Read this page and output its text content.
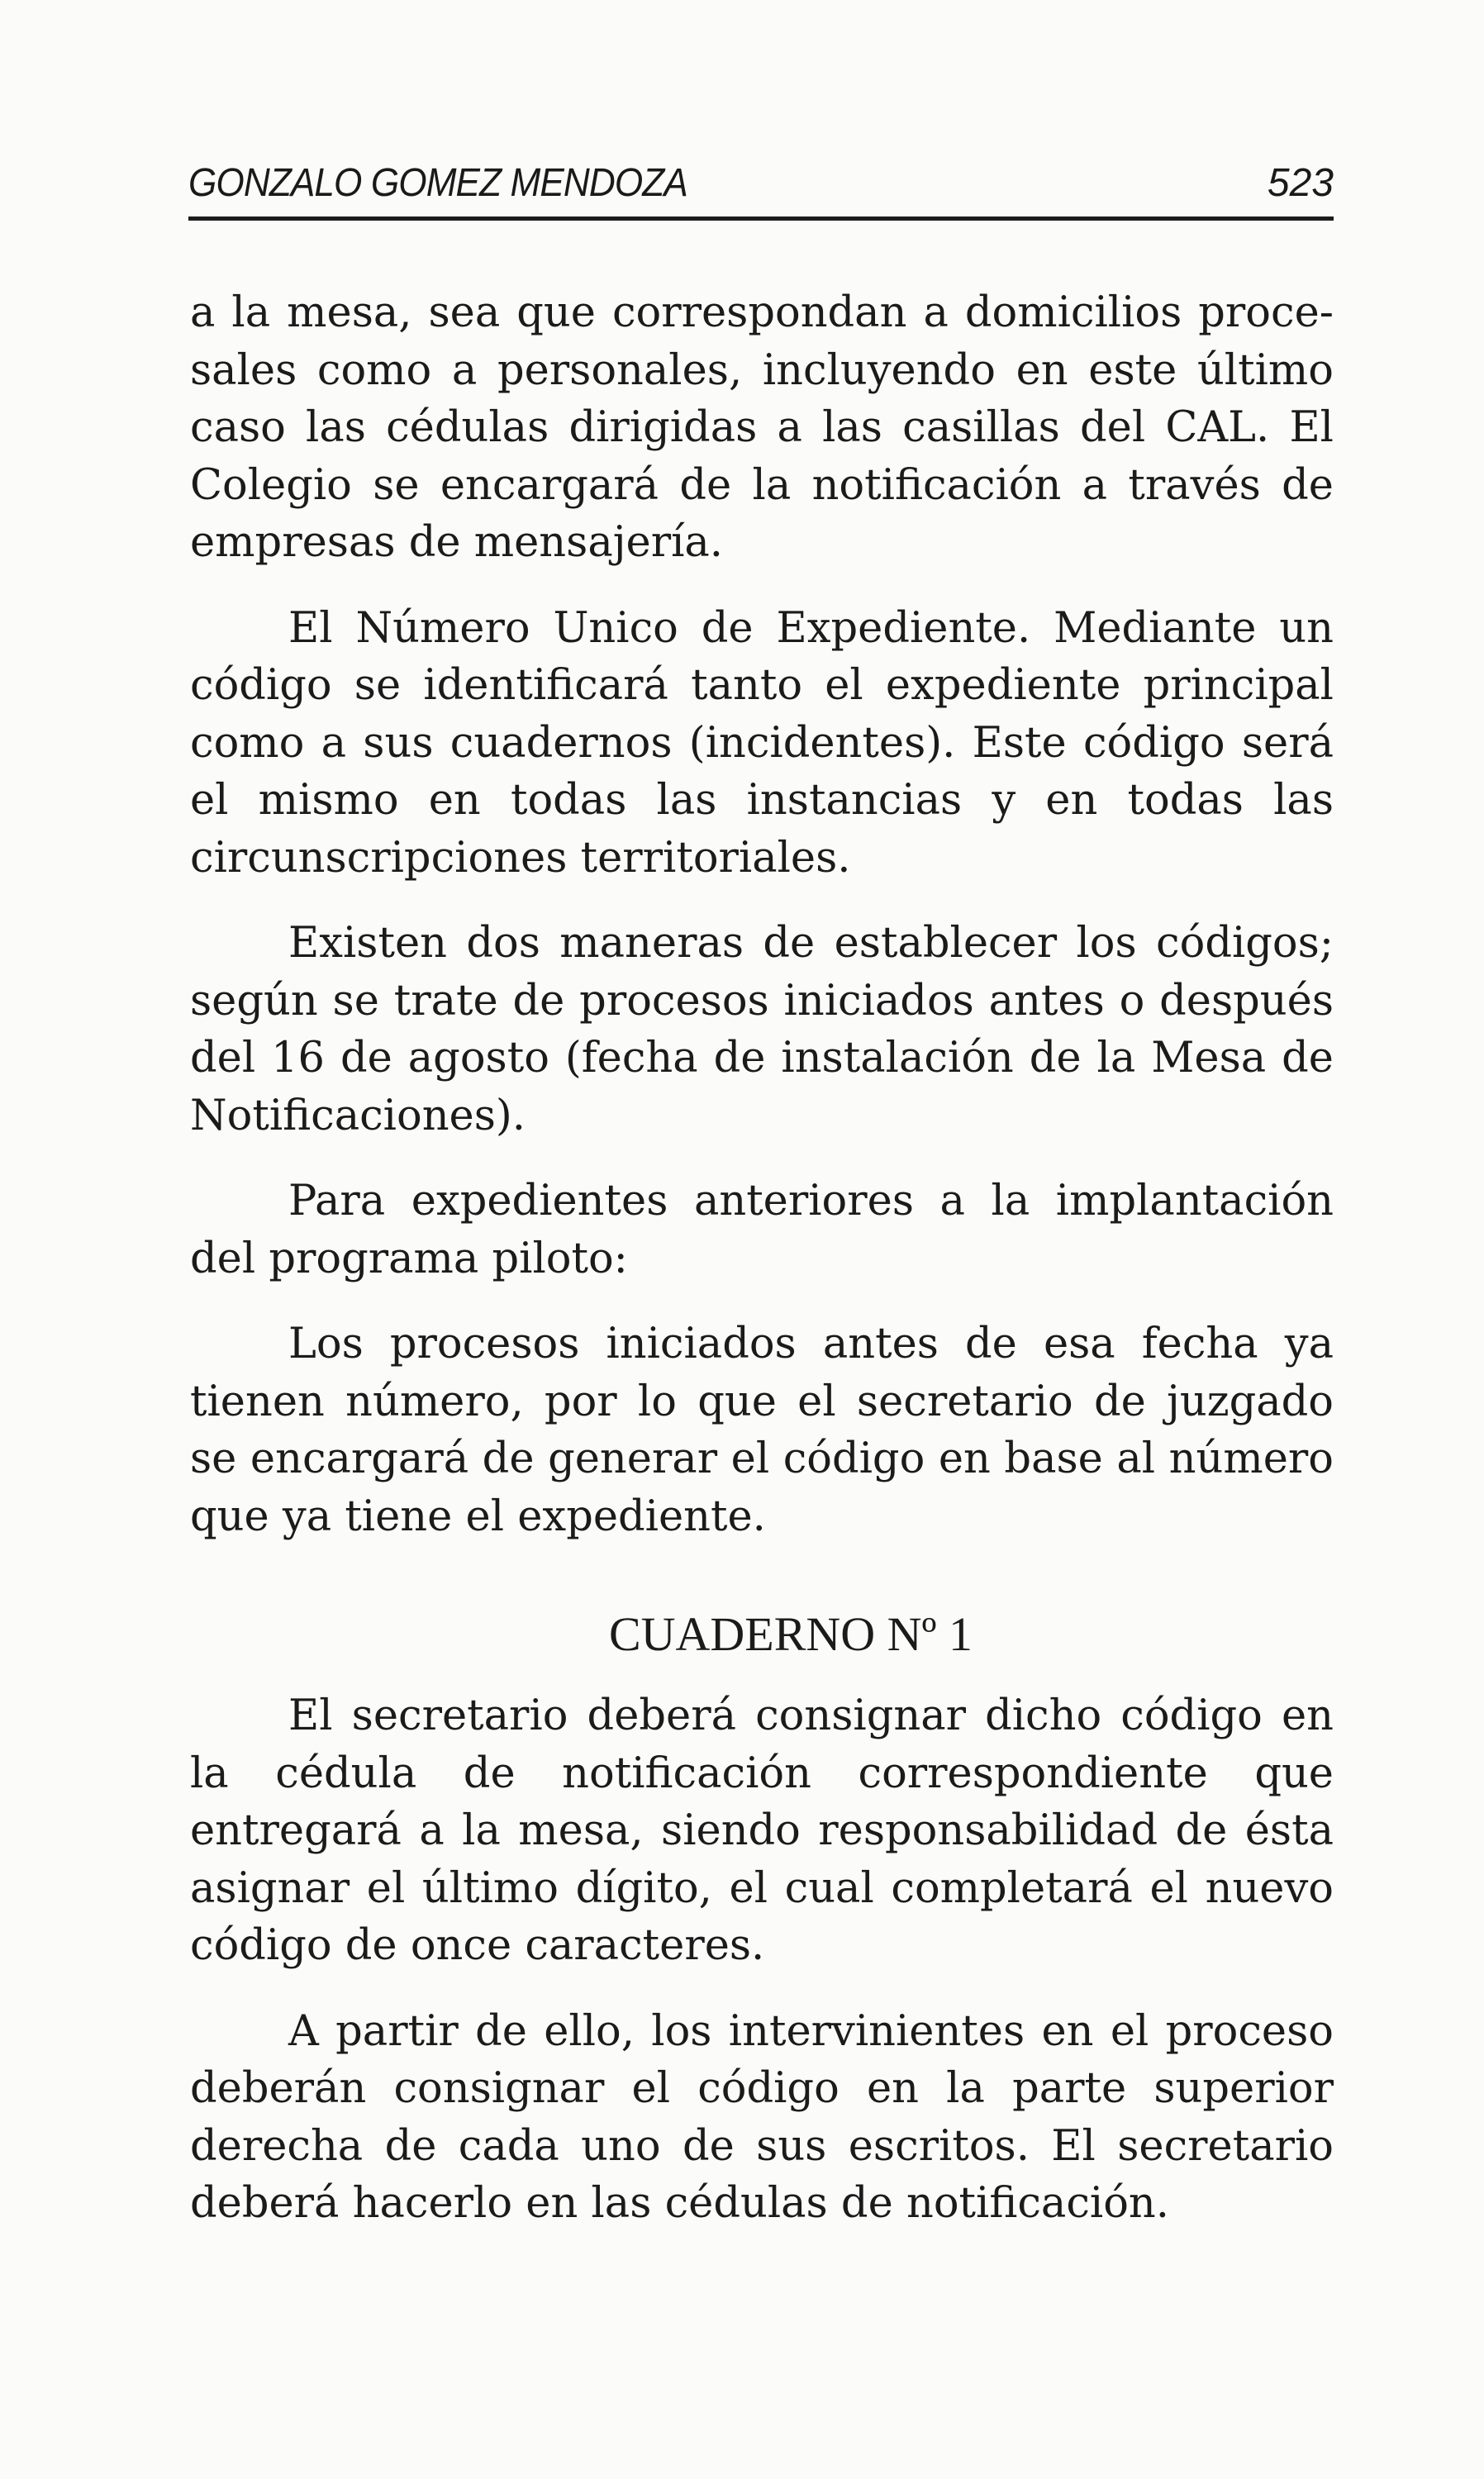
GONZALO GOMEZ MENDOZA	523

a la mesa, sea que correspondan a domicilios proce-sales como a personales, incluyendo en este último caso las cédulas dirigidas a las casillas del CAL. El Colegio se encargará de la notificación a través de empresas de mensajería.

El Número Unico de Expediente. Mediante un código se identificará tanto el expediente principal como a sus cuadernos (incidentes). Este código será el mismo en todas las instancias y en todas las circunscripciones territoriales.

Existen dos maneras de establecer los códigos; según se trate de procesos iniciados antes o después del 16 de agosto (fecha de instalación de la Mesa de Notificaciones).

Para expedientes anteriores a la implantación del programa piloto:

Los procesos iniciados antes de esa fecha ya tienen número, por lo que el secretario de juzgado se encargará de generar el código en base al número que ya tiene el expediente.

CUADERNO Nº 1

El secretario deberá consignar dicho código en la cédula de notificación correspondiente que entregará a la mesa, siendo responsabilidad de ésta asignar el último dígito, el cual completará el nuevo código de once caracteres.

A partir de ello, los intervinientes en el proceso deberán consignar el código en la parte superior derecha de cada uno de sus escritos. El secretario deberá hacerlo en las cédulas de notificación.
